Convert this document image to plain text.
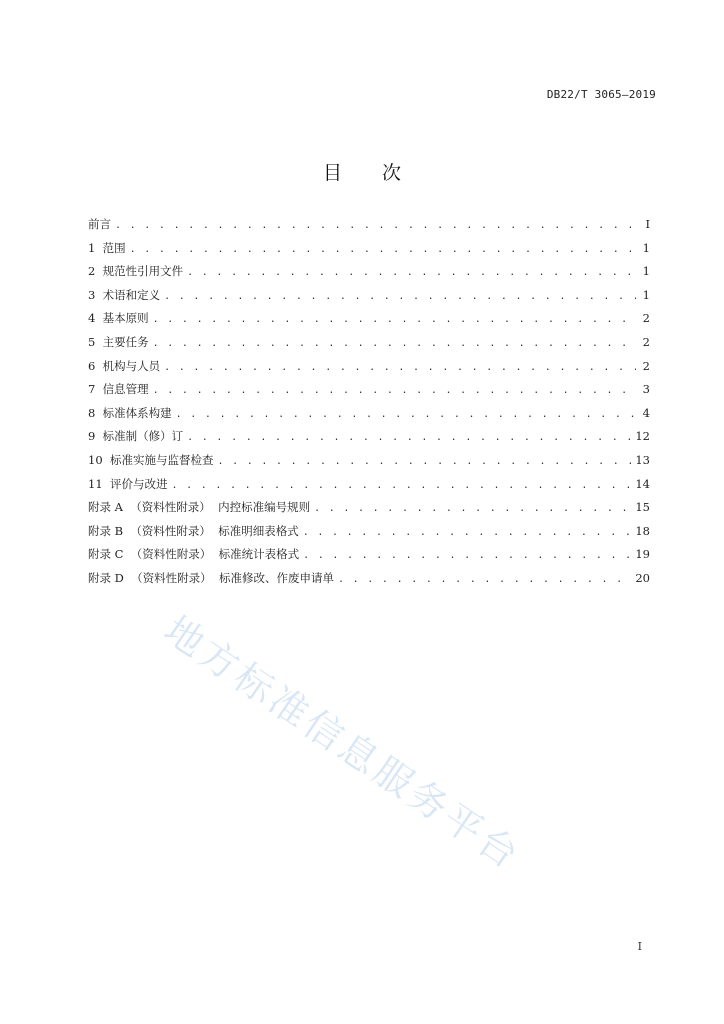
DB22/T 3065—2019
目 次
前言 . . .	I
1  范围 . . .	1
2  规范性引用文件 . . .	1
3  术语和定义 . . .	1
4  基本原则 . . .	2
5  主要任务 . . .	2
6  机构与人员 . . .	2
7  信息管理 . . .	3
8  标准体系构建 . . .	4
9  标准制（修）订 . . .	12
10  标准实施与监督检查 . . .	13
11  评价与改进 . . .	14
附录 A  （资料性附录）  内控标准编号规则 . . .	15
附录 B  （资料性附录）  标准明细表格式 . . .	18
附录 C  （资料性附录）  标准统计表格式 . . .	19
附录 D  （资料性附录）  标准修改、作废申请单 . . .	20
地方标准信息服务平台
I
